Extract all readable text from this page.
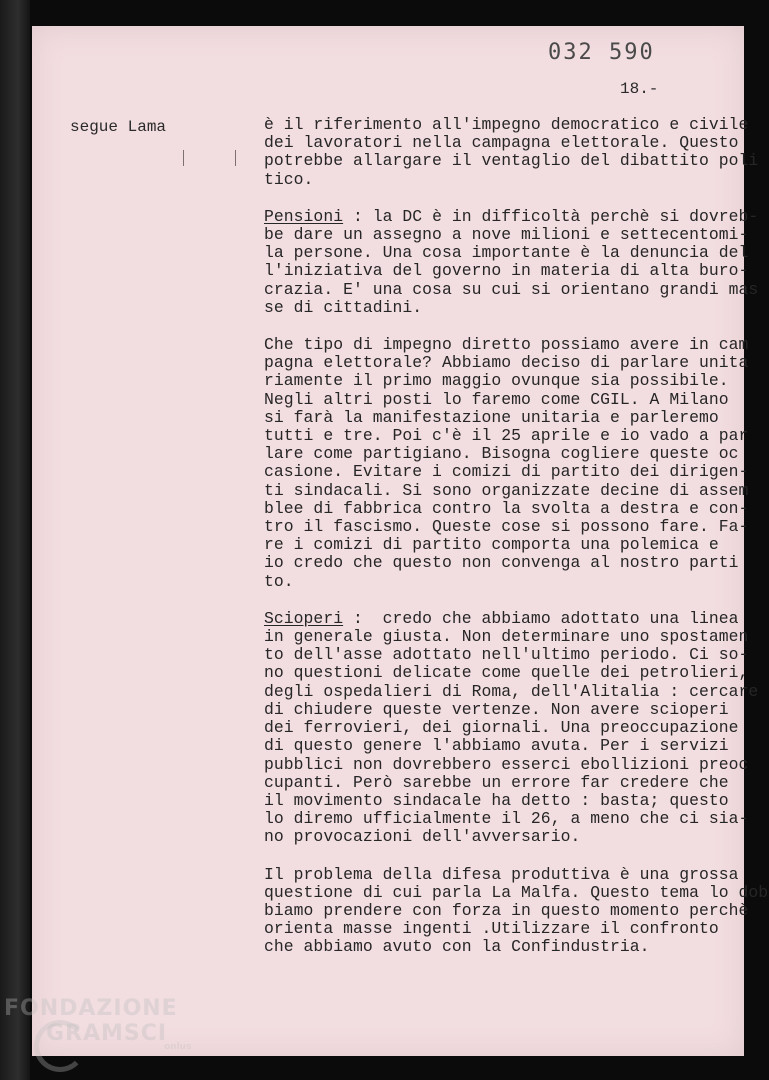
032 590
18.-
segue Lama	è il riferimento all'impegno democratico e civile
dei lavoratori nella campagna elettorale. Questo
potrebbe allargare il ventaglio del dibattito poli
tico.
Pensioni : la DC è in difficoltà perchè si dovreb-
be dare un assegno a nove milioni e settecentomi-
la persone. Una cosa importante è la denuncia del
l'iniziativa del governo in materia di alta buro-
crazia. E' una cosa su cui si orientano grandi mas
se di cittadini.
Che tipo di impegno diretto possiamo avere in cam
pagna elettorale? Abbiamo deciso di parlare unita
riamente il primo maggio ovunque sia possibile.
Negli altri posti lo faremo come CGIL. A Milano
si farà la manifestazione unitaria e parleremo
tutti e tre. Poi c'è il 25 aprile e io vado a par
lare come partigiano. Bisogna cogliere queste oc
casione. Evitare i comizi di partito dei dirigen-
ti sindacali. Si sono organizzate decine di assem
blee di fabbrica contro la svolta a destra e con-
tro il fascismo. Queste cose si possono fare. Fa-
re i comizi di partito comporta una polemica e
io credo che questo non convenga al nostro parti
to.
Scioperi :  credo che abbiamo adottato una linea
in generale giusta. Non determinare uno spostamen
to dell'asse adottato nell'ultimo periodo. Ci so-
no questioni delicate come quelle dei petrolieri,
degli ospedalieri di Roma, dell'Alitalia : cercare
di chiudere queste vertenze. Non avere scioperi
dei ferrovieri, dei giornali. Una preoccupazione
di questo genere l'abbiamo avuta. Per i servizi
pubblici non dovrebbero esserci ebollizioni preoc
cupanti. Però sarebbe un errore far credere che
il movimento sindacale ha detto : basta; questo
lo diremo ufficialmente il 26, a meno che ci sia-
no provocazioni dell'avversario.
Il problema della difesa produttiva è una grossa
questione di cui parla La Malfa. Questo tema lo dob
biamo prendere con forza in questo momento perchè
orienta masse ingenti .Utilizzare il confronto
che abbiamo avuto con la Confindustria.
FONDAZIONE
GRAMSCI
onlus
